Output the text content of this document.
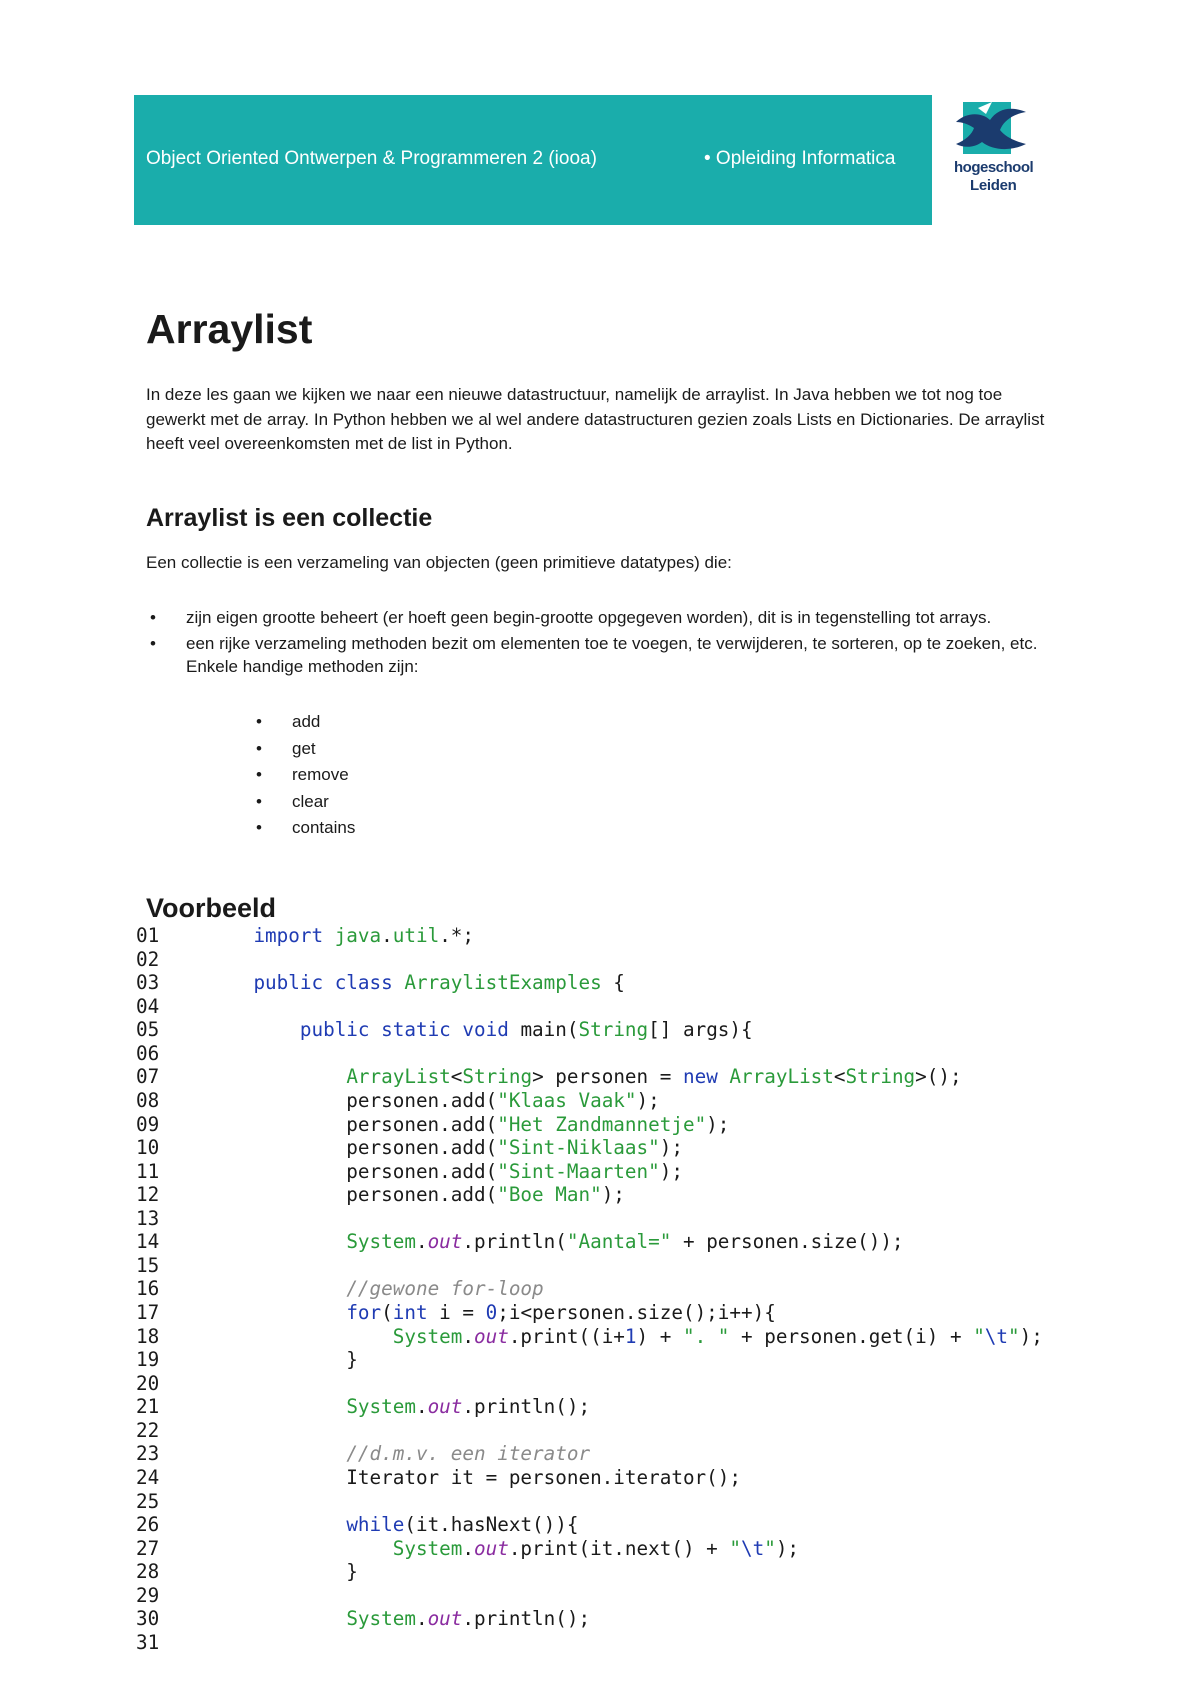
Object Oriented Ontwerpen & Programmeren 2 (iooa)	• Opleiding Informatica	hogeschool
Leiden
Arraylist

In deze les gaan we kijken we naar een nieuwe datastructuur, namelijk de arraylist. In Java hebben we tot nog toe gewerkt met de array. In Python hebben we al wel andere datastructuren gezien zoals Lists en Dictionaries. De arraylist heeft veel overeenkomsten met de list in Python.

Arraylist is een collectie

Een collectie is een verzameling van objecten (geen primitieve datatypes) die:

• zijn eigen grootte beheert (er hoeft geen begin-grootte opgegeven worden), dit is in tegenstelling tot arrays.
• een rijke verzameling methoden bezit om elementen toe te voegen, te verwijderen, te sorteren, op te zoeken, etc. Enkele handige methoden zijn:
• add
• get
• remove
• clear
• contains
Voorbeeld
01	import java.util.*;
02
03	public class ArraylistExamples {
04
05	public static void main(String[] args){
06
07	ArrayList<String> personen = new ArrayList<String>();
08	personen.add("Klaas Vaak");
09	personen.add("Het Zandmannetje");
10	personen.add("Sint-Niklaas");
11	personen.add("Sint-Maarten");
12	personen.add("Boe Man");
13
14	System.out.println("Aantal=" + personen.size());
15
16	//gewone for-loop
17	for(int i = 0;i<personen.size();i++){
18	System.out.print((i+1) + ". " + personen.get(i) + "\t");
19	}
20
21	System.out.println();
22
23	//d.m.v. een iterator
24	Iterator it = personen.iterator();
25
26	while(it.hasNext()){
27	System.out.print(it.next() + "\t");
28	}
29
30	System.out.println();
31
